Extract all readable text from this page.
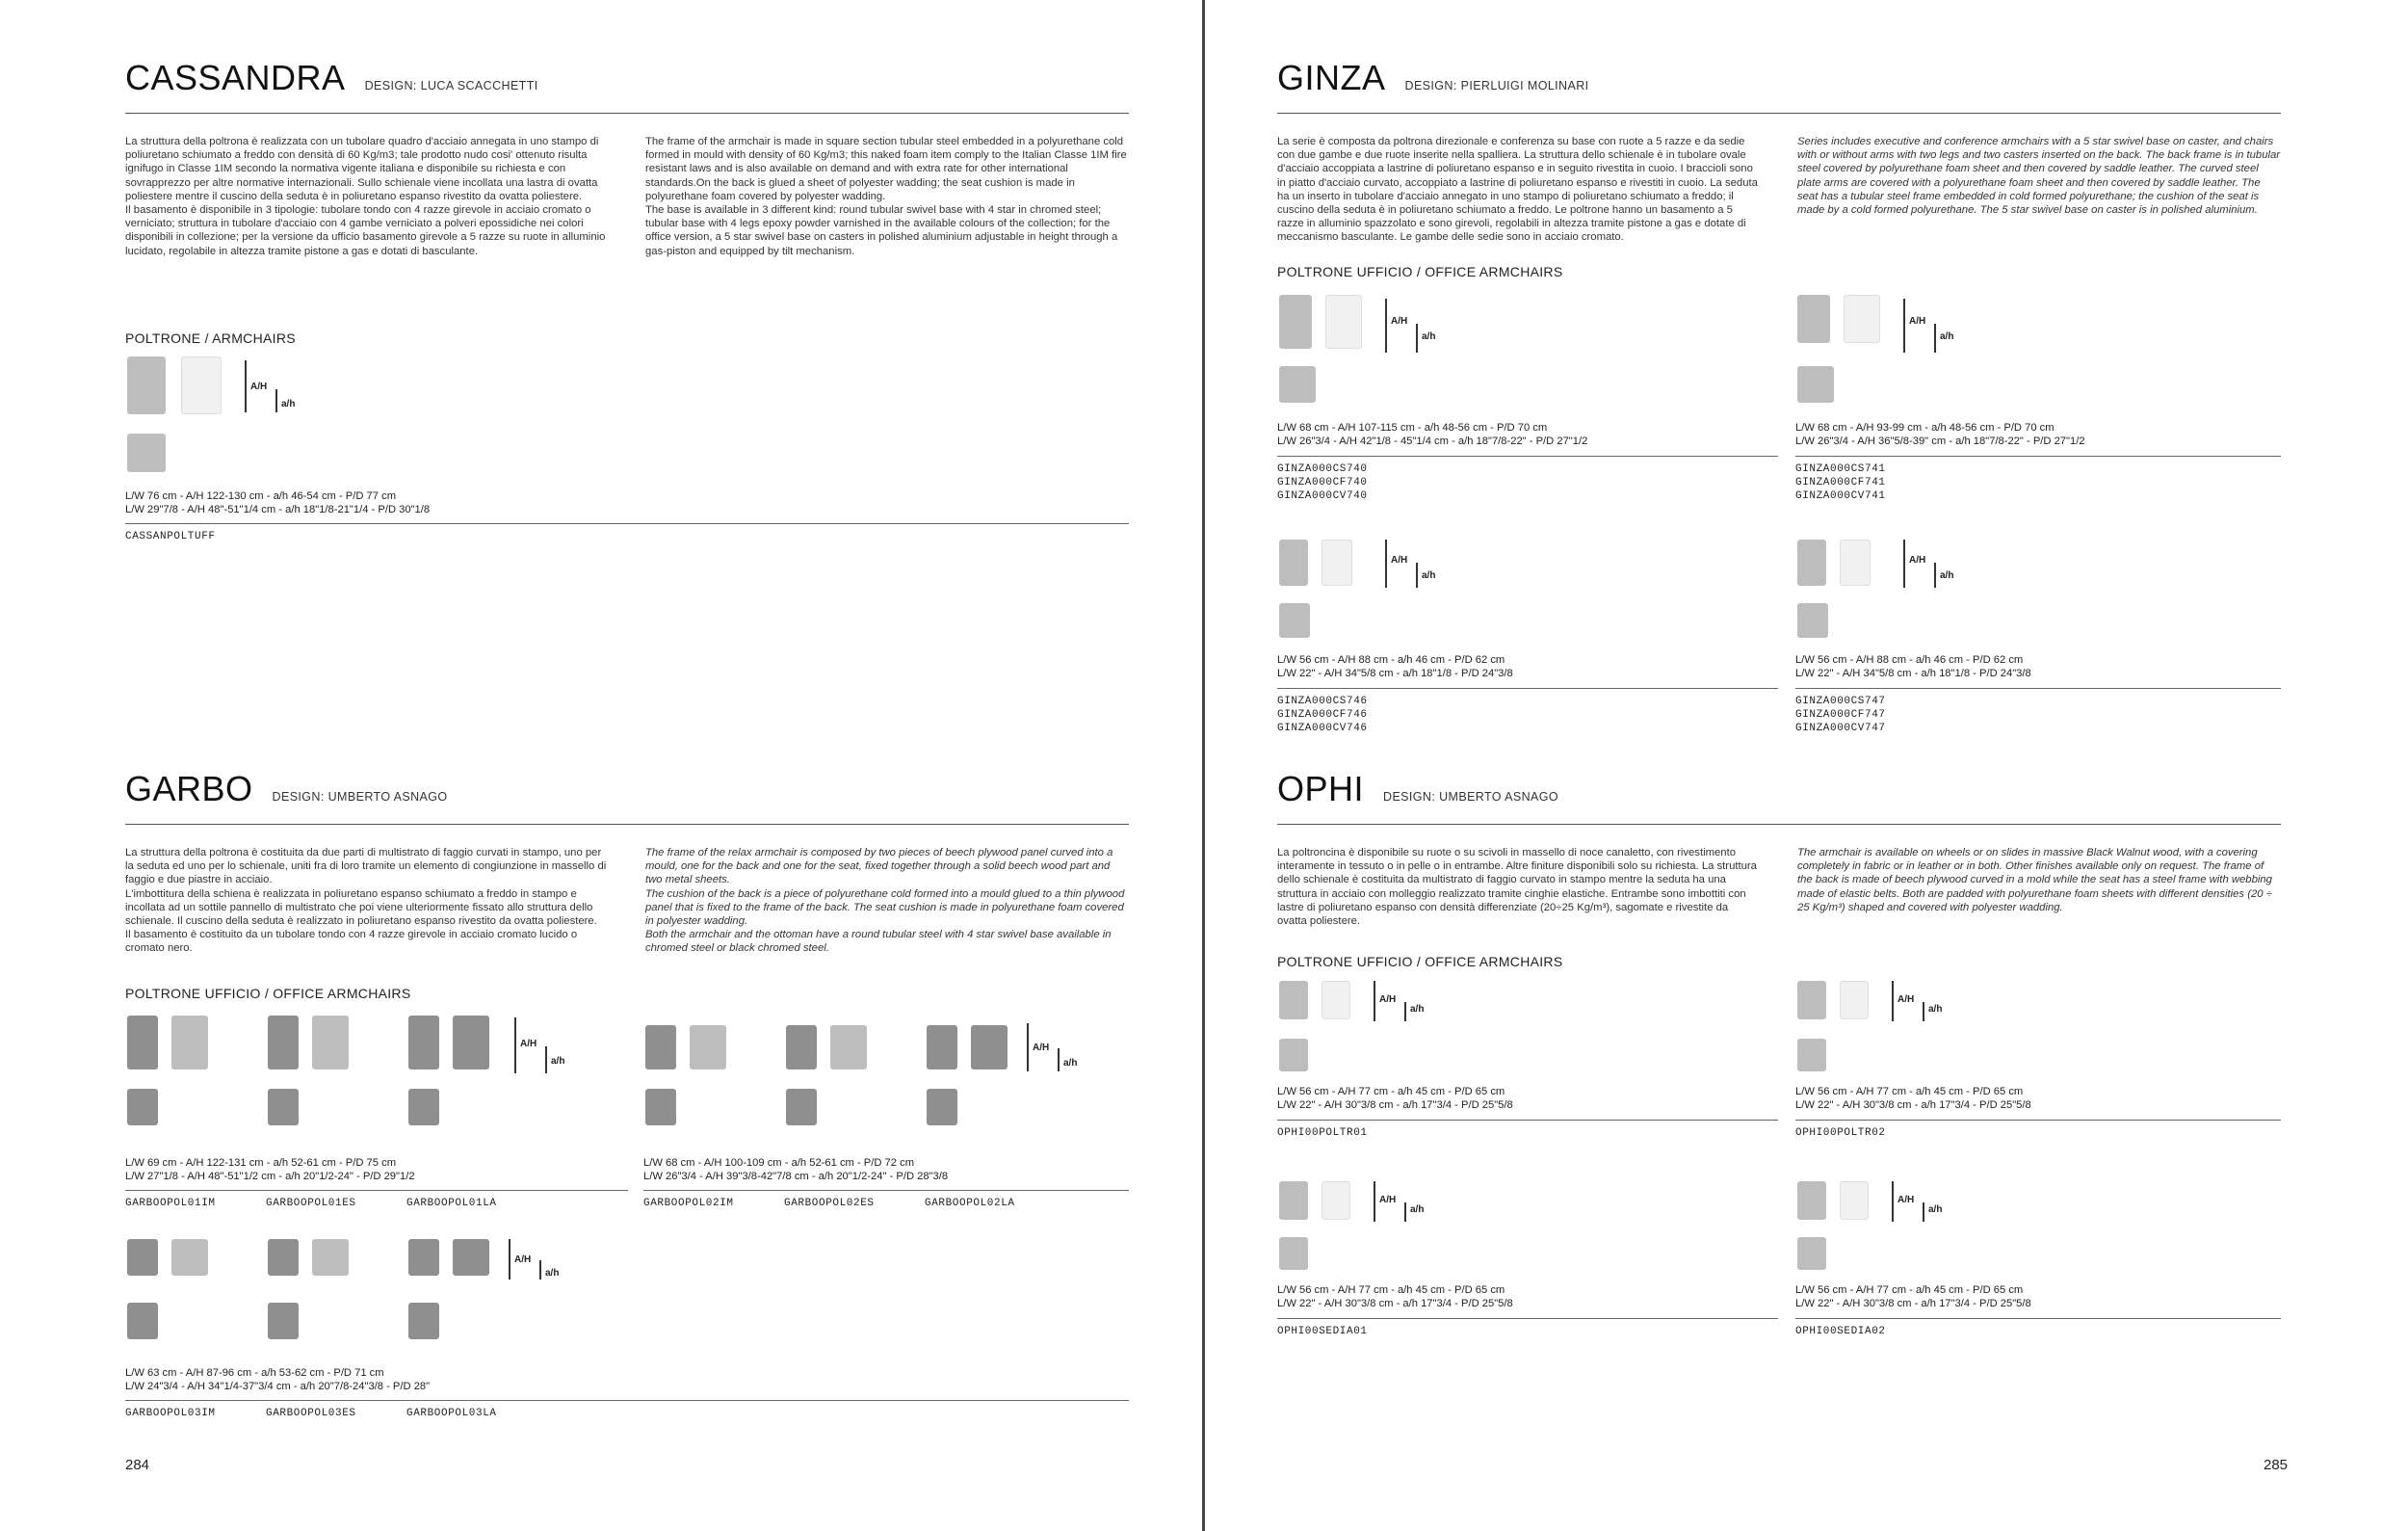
CASSANDRA DESIGN: LUCA SCACCHETTI

La struttura della poltrona è realizzata con un tubolare quadro d'acciaio annegata in uno stampo di poliuretano schiumato a freddo con densità di 60 Kg/m3; tale prodotto nudo cosi' ottenuto risulta ignifugo in Classe 1IM secondo la normativa vigente italiana e disponibile su richiesta e con sovrapprezzo per altre normative internazionali. Sullo schienale viene incollata una lastra di ovatta poliestere mentre il cuscino della seduta è in poliuretano espanso rivestito da ovatta poliestere.
Il basamento è disponibile in 3 tipologie: tubolare tondo con 4 razze girevole in acciaio cromato o verniciato; struttura in tubolare d'acciaio con 4 gambe verniciato a polveri epossidiche nei colori disponibili in collezione; per la versione da ufficio basamento girevole a 5 razze su ruote in alluminio lucidato, regolabile in altezza tramite pistone a gas e dotati di basculante.

The frame of the armchair is made in square section tubular steel embedded in a polyurethane cold formed in mould with density of 60 Kg/m3; this naked foam item comply to the Italian Classe 1IM fire resistant laws and is also available on demand and with extra rate for other international standards.On the back is glued a sheet of polyester wadding; the seat cushion is made in polyurethane foam covered by polyester wadding.
The base is available in 3 different kind: round tubular swivel base with 4 star in chromed steel; tubular base with 4 legs epoxy powder varnished in the available colours of the collection; for the office version, a 5 star swivel base on casters in polished aluminium adjustable in height through a gas-piston and equipped by tilt mechanism.

POLTRONE / ARMCHAIRS
A/H
a/h
L/W 76 cm - A/H 122-130 cm - a/h 46-54 cm - P/D 77 cm
L/W 29"7/8 - A/H 48"-51"1/4 cm - a/h 18"1/8-21"1/4 - P/D 30"1/8
CASSANPOLTUFF
GARBO DESIGN: UMBERTO ASNAGO

La struttura della poltrona è costituita da due parti di multistrato di faggio curvati in stampo, uno per la seduta ed uno per lo schienale, uniti fra di loro tramite un elemento di congiunzione in massello di faggio e due piastre in acciaio.
L'imbottitura della schiena è realizzata in poliuretano espanso schiumato a freddo in stampo e incollata ad un sottile pannello di multistrato che poi viene ulteriormente fissato allo struttura dello schienale. Il cuscino della seduta è realizzato in poliuretano espanso rivestito da ovatta poliestere.
Il basamento è costituito da un tubolare tondo con 4 razze girevole in acciaio cromato lucido o cromato nero.

The frame of the relax armchair is composed by two pieces of beech plywood panel curved into a mould, one for the back and one for the seat, fixed together through a solid beech wood part and two metal sheets.
The cushion of the back is a piece of polyurethane cold formed into a mould glued to a thin plywood panel that is fixed to the frame of the back. The seat cushion is made in polyurethane foam covered in polyester wadding.
Both the armchair and the ottoman have a round tubular steel with 4 star swivel base available in chromed steel or black chromed steel.

POLTRONE UFFICIO / OFFICE ARMCHAIRS
A/H
a/h
L/W 69 cm - A/H 122-131 cm - a/h 52-61 cm - P/D 75 cm
L/W 27"1/8 - A/H 48"-51"1/2 cm - a/h 20"1/2-24" - P/D 29"1/2
GARBOOPOL01IM	GARBOOPOL01ES	GARBOOPOL01LA
A/H
a/h
L/W 68 cm - A/H 100-109 cm - a/h 52-61 cm - P/D 72 cm
L/W 26"3/4 - A/H 39"3/8-42"7/8 cm - a/h 20"1/2-24" - P/D 28"3/8
GARBOOPOL02IM	GARBOOPOL02ES	GARBOOPOL02LA
A/H
a/h
L/W 63 cm - A/H 87-96 cm - a/h 53-62 cm - P/D 71 cm
L/W 24"3/4 - A/H 34"1/4-37"3/4 cm - a/h 20"7/8-24"3/8 - P/D 28"
GARBOOPOL03IM	GARBOOPOL03ES	GARBOOPOL03LA
284
GINZA DESIGN: PIERLUIGI MOLINARI

La serie è composta da poltrona direzionale e conferenza su base con ruote a 5 razze e da sedie con due gambe e due ruote inserite nella spalliera. La struttura dello schienale è in tubolare ovale d'acciaio accoppiata a lastrine di poliuretano espanso e in seguito rivestita in cuoio. I braccioli sono in piatto d'acciaio curvato, accoppiato a lastrine di poliuretano espanso e rivestiti in cuoio. La seduta ha un inserto in tubolare d'acciaio annegato in uno stampo di poliuretano schiumato a freddo; il cuscino della seduta è in poliuretano schiumato a freddo. Le poltrone hanno un basamento a 5 razze in alluminio spazzolato e sono girevoli, regolabili in altezza tramite pistone a gas e dotate di meccanismo basculante. Le gambe delle sedie sono in acciaio cromato.

Series includes executive and conference armchairs with a 5 star swivel base on caster, and chairs with or without arms with two legs and two casters inserted on the back. The back frame is in tubular steel covered by polyurethane foam sheet and then covered by saddle leather. The curved steel plate arms are covered with a polyurethane foam sheet and then covered by saddle leather. The seat has a tubular steel frame embedded in cold formed polyurethane; the cushion of the seat is made by a cold formed polyurethane. The 5 star swivel base on caster is in polished aluminium.

POLTRONE UFFICIO / OFFICE ARMCHAIRS
A/H
a/h
L/W 68 cm - A/H 107-115 cm - a/h 48-56 cm - P/D 70 cm
L/W 26"3/4 - A/H 42"1/8 - 45"1/4 cm - a/h 18"7/8-22" - P/D 27"1/2
GINZA000CS740
GINZA000CF740
GINZA000CV740
A/H
a/h
L/W 68 cm - A/H 93-99 cm - a/h 48-56 cm - P/D 70 cm
L/W 26"3/4 - A/H 36"5/8-39" cm - a/h 18"7/8-22" - P/D 27"1/2
GINZA000CS741
GINZA000CF741
GINZA000CV741
A/H
a/h
L/W 56 cm - A/H 88 cm - a/h 46 cm - P/D 62 cm
L/W 22" - A/H 34"5/8 cm - a/h 18"1/8 - P/D 24"3/8
GINZA000CS746
GINZA000CF746
GINZA000CV746
A/H
a/h
L/W 56 cm - A/H 88 cm - a/h 46 cm - P/D 62 cm
L/W 22" - A/H 34"5/8 cm - a/h 18"1/8 - P/D 24"3/8
GINZA000CS747
GINZA000CF747
GINZA000CV747
OPHI DESIGN: UMBERTO ASNAGO

La poltroncina è disponibile su ruote o su scivoli in massello di noce canaletto, con rivestimento interamente in tessuto o in pelle o in entrambe. Altre finiture disponibili solo su richiesta. La struttura dello schienale è costituita da multistrato di faggio curvato in stampo mentre la seduta ha una struttura in acciaio con molleggio realizzato tramite cinghie elastiche. Entrambe sono imbottiti con lastre di poliuretano espanso con densità differenziate (20÷25 Kg/m³), sagomate e rivestite da ovatta poliestere.

The armchair is available on wheels or on slides in massive Black Walnut wood, with a covering completely in fabric or in leather or in both. Other finishes available only on request. The frame of the back is made of beech plywood curved in a mold while the seat has a steel frame with webbing made of elastic belts. Both are padded with polyurethane foam sheets with different densities (20 ÷ 25 Kg/m³) shaped and covered with polyester wadding.

POLTRONE UFFICIO / OFFICE ARMCHAIRS
A/H
a/h
L/W 56 cm - A/H 77 cm - a/h 45 cm - P/D 65 cm
L/W 22" - A/H 30"3/8 cm - a/h 17"3/4 - P/D 25"5/8
OPHI00POLTR01
A/H
a/h
L/W 56 cm - A/H 77 cm - a/h 45 cm - P/D 65 cm
L/W 22" - A/H 30"3/8 cm - a/h 17"3/4 - P/D 25"5/8
OPHI00POLTR02
A/H
a/h
L/W 56 cm - A/H 77 cm - a/h 45 cm - P/D 65 cm
L/W 22" - A/H 30"3/8 cm - a/h 17"3/4 - P/D 25"5/8
OPHI00SEDIA01
A/H
a/h
L/W 56 cm - A/H 77 cm - a/h 45 cm - P/D 65 cm
L/W 22" - A/H 30"3/8 cm - a/h 17"3/4 - P/D 25"5/8
OPHI00SEDIA02
285
